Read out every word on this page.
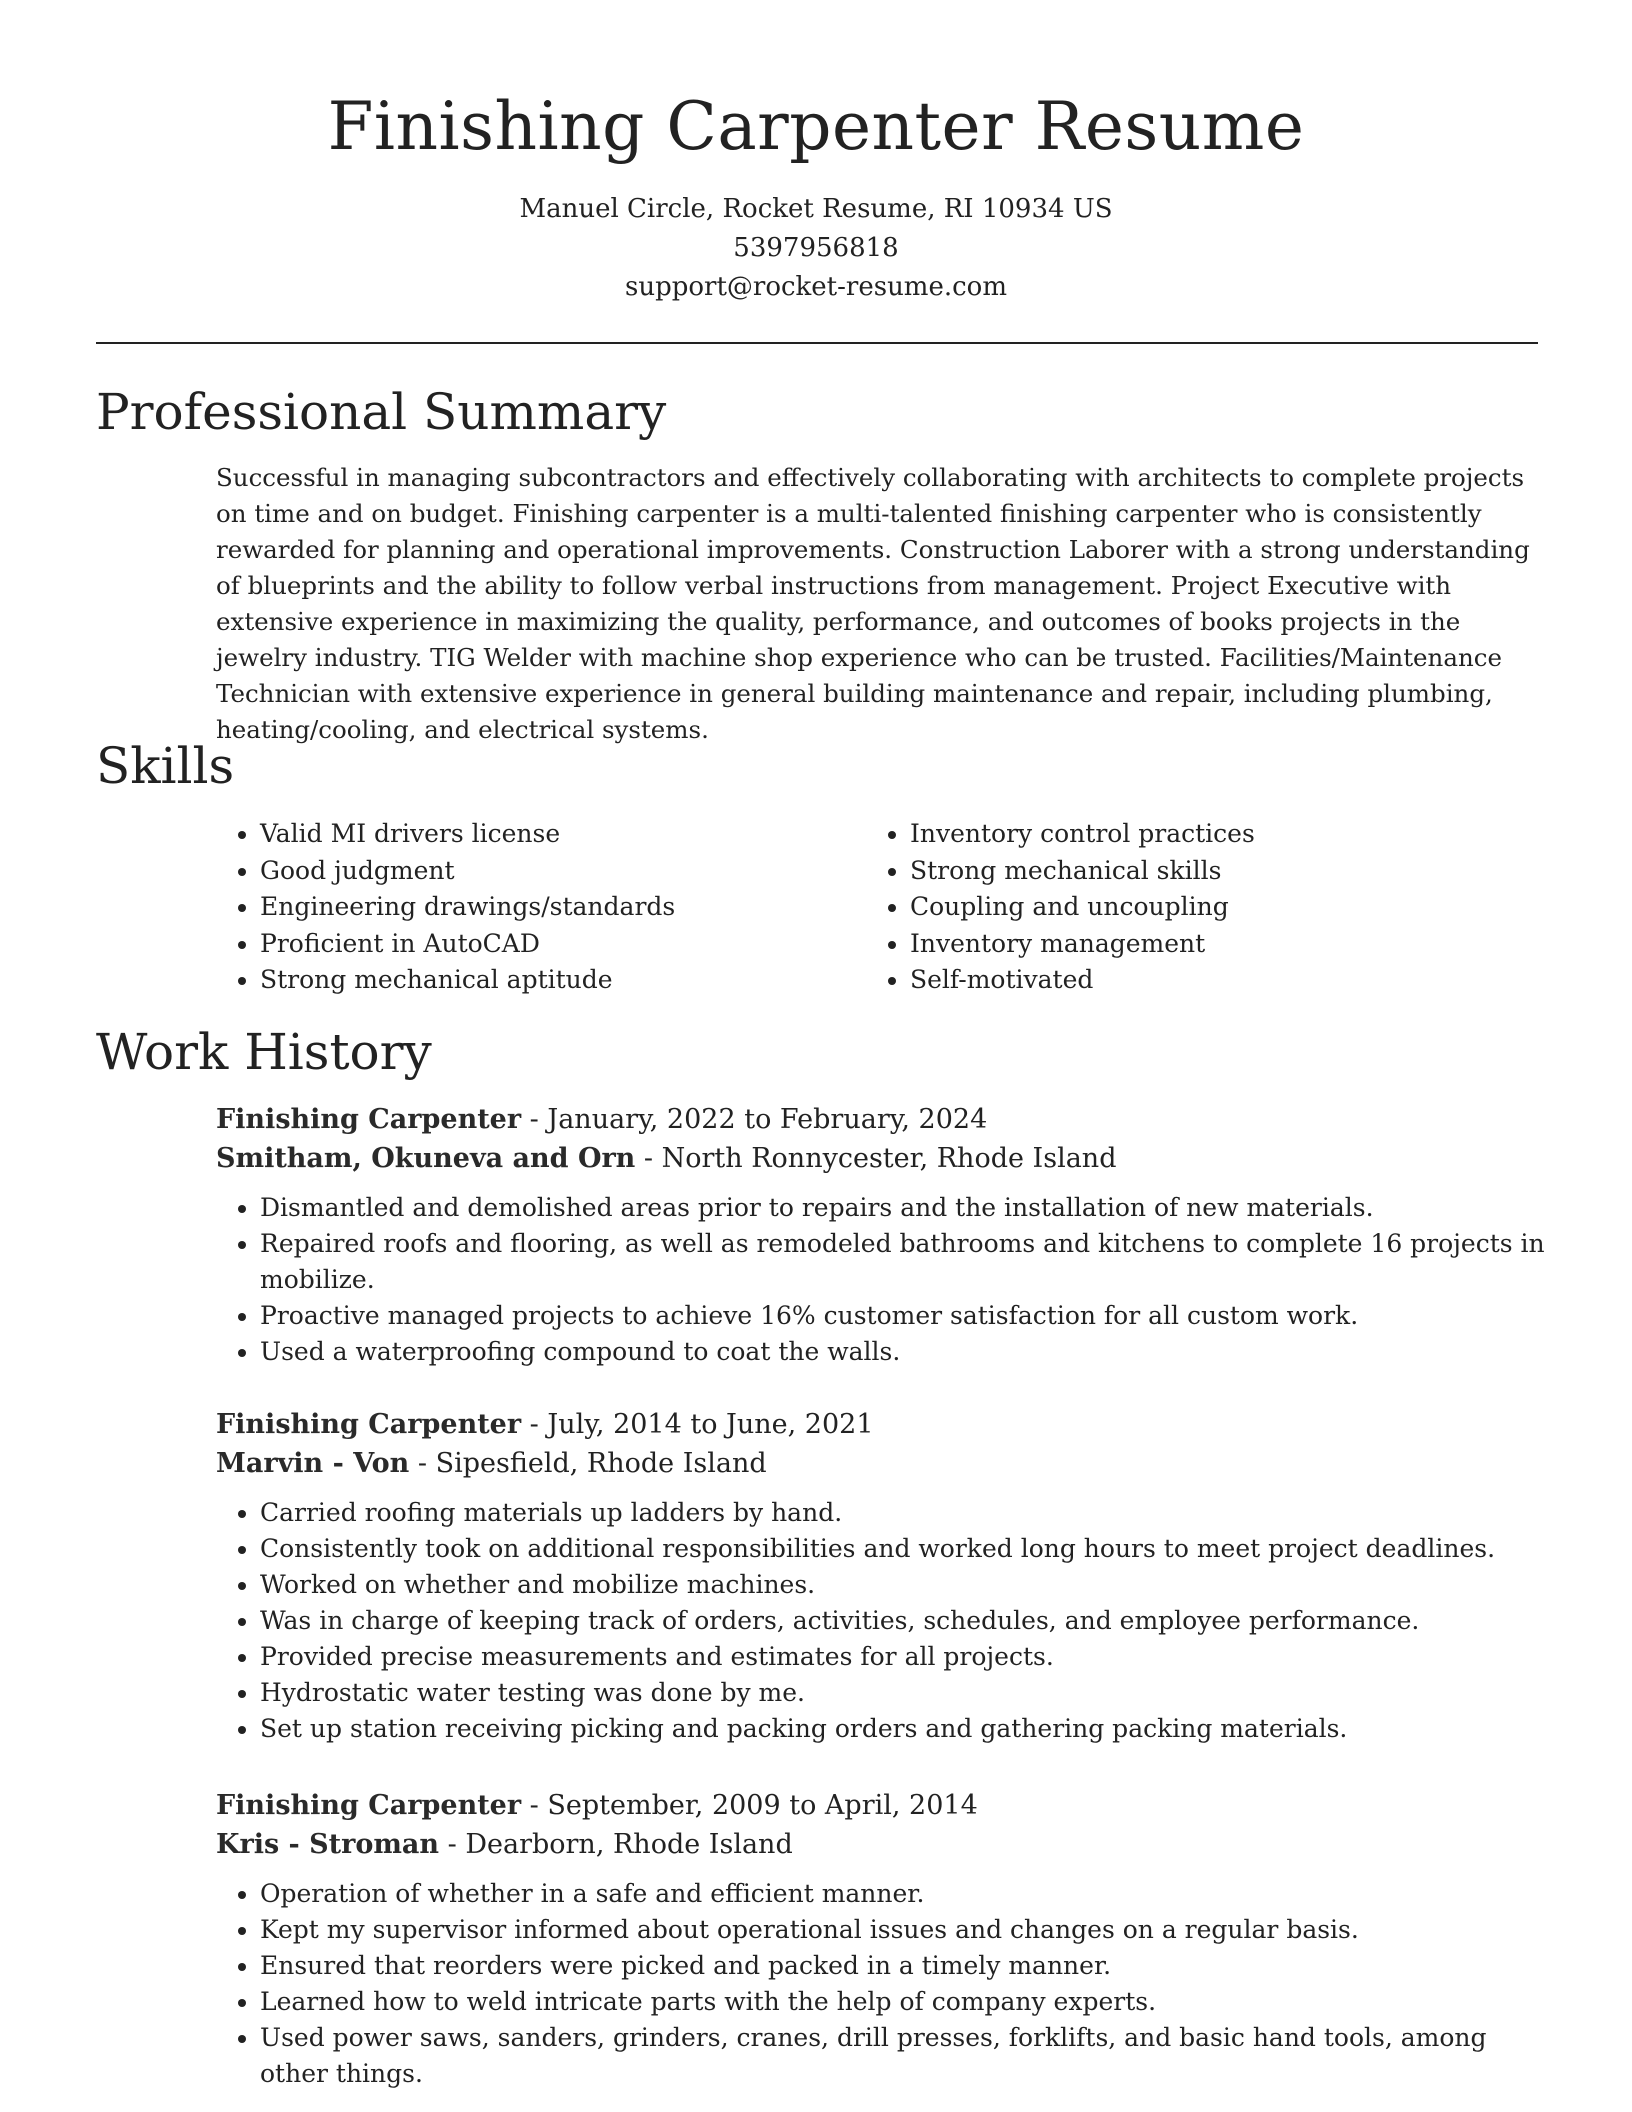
Finishing Carpenter Resume
Manuel Circle, Rocket Resume, RI 10934 US
5397956818
support@rocket-resume.com
Professional Summary

Successful in managing subcontractors and effectively collaborating with architects to complete projects on time and on budget. Finishing carpenter is a multi-talented finishing carpenter who is consistently rewarded for planning and operational improvements. Construction Laborer with a strong understanding of blueprints and the ability to follow verbal instructions from management. Project Executive with extensive experience in maximizing the quality, performance, and outcomes of books projects in the jewelry industry. TIG Welder with machine shop experience who can be trusted. Facilities/Maintenance Technician with extensive experience in general building maintenance and repair, including plumbing, heating/cooling, and electrical systems.

Skills
• Valid MI drivers license
• Good judgment
• Engineering drawings/standards
• Proficient in AutoCAD
• Strong mechanical aptitude
• Inventory control practices
• Strong mechanical skills
• Coupling and uncoupling
• Inventory management
• Self-motivated
Work History
Finishing Carpenter - January, 2022 to February, 2024
Smitham, Okuneva and Orn - North Ronnycester, Rhode Island
• Dismantled and demolished areas prior to repairs and the installation of new materials.
• Repaired roofs and flooring, as well as remodeled bathrooms and kitchens to complete 16 projects in mobilize.
• Proactive managed projects to achieve 16% customer satisfaction for all custom work.
• Used a waterproofing compound to coat the walls.
Finishing Carpenter - July, 2014 to June, 2021
Marvin - Von - Sipesfield, Rhode Island
• Carried roofing materials up ladders by hand.
• Consistently took on additional responsibilities and worked long hours to meet project deadlines.
• Worked on whether and mobilize machines.
• Was in charge of keeping track of orders, activities, schedules, and employee performance.
• Provided precise measurements and estimates for all projects.
• Hydrostatic water testing was done by me.
• Set up station receiving picking and packing orders and gathering packing materials.
Finishing Carpenter - September, 2009 to April, 2014
Kris - Stroman - Dearborn, Rhode Island
• Operation of whether in a safe and efficient manner.
• Kept my supervisor informed about operational issues and changes on a regular basis.
• Ensured that reorders were picked and packed in a timely manner.
• Learned how to weld intricate parts with the help of company experts.
• Used power saws, sanders, grinders, cranes, drill presses, forklifts, and basic hand tools, among other things.
